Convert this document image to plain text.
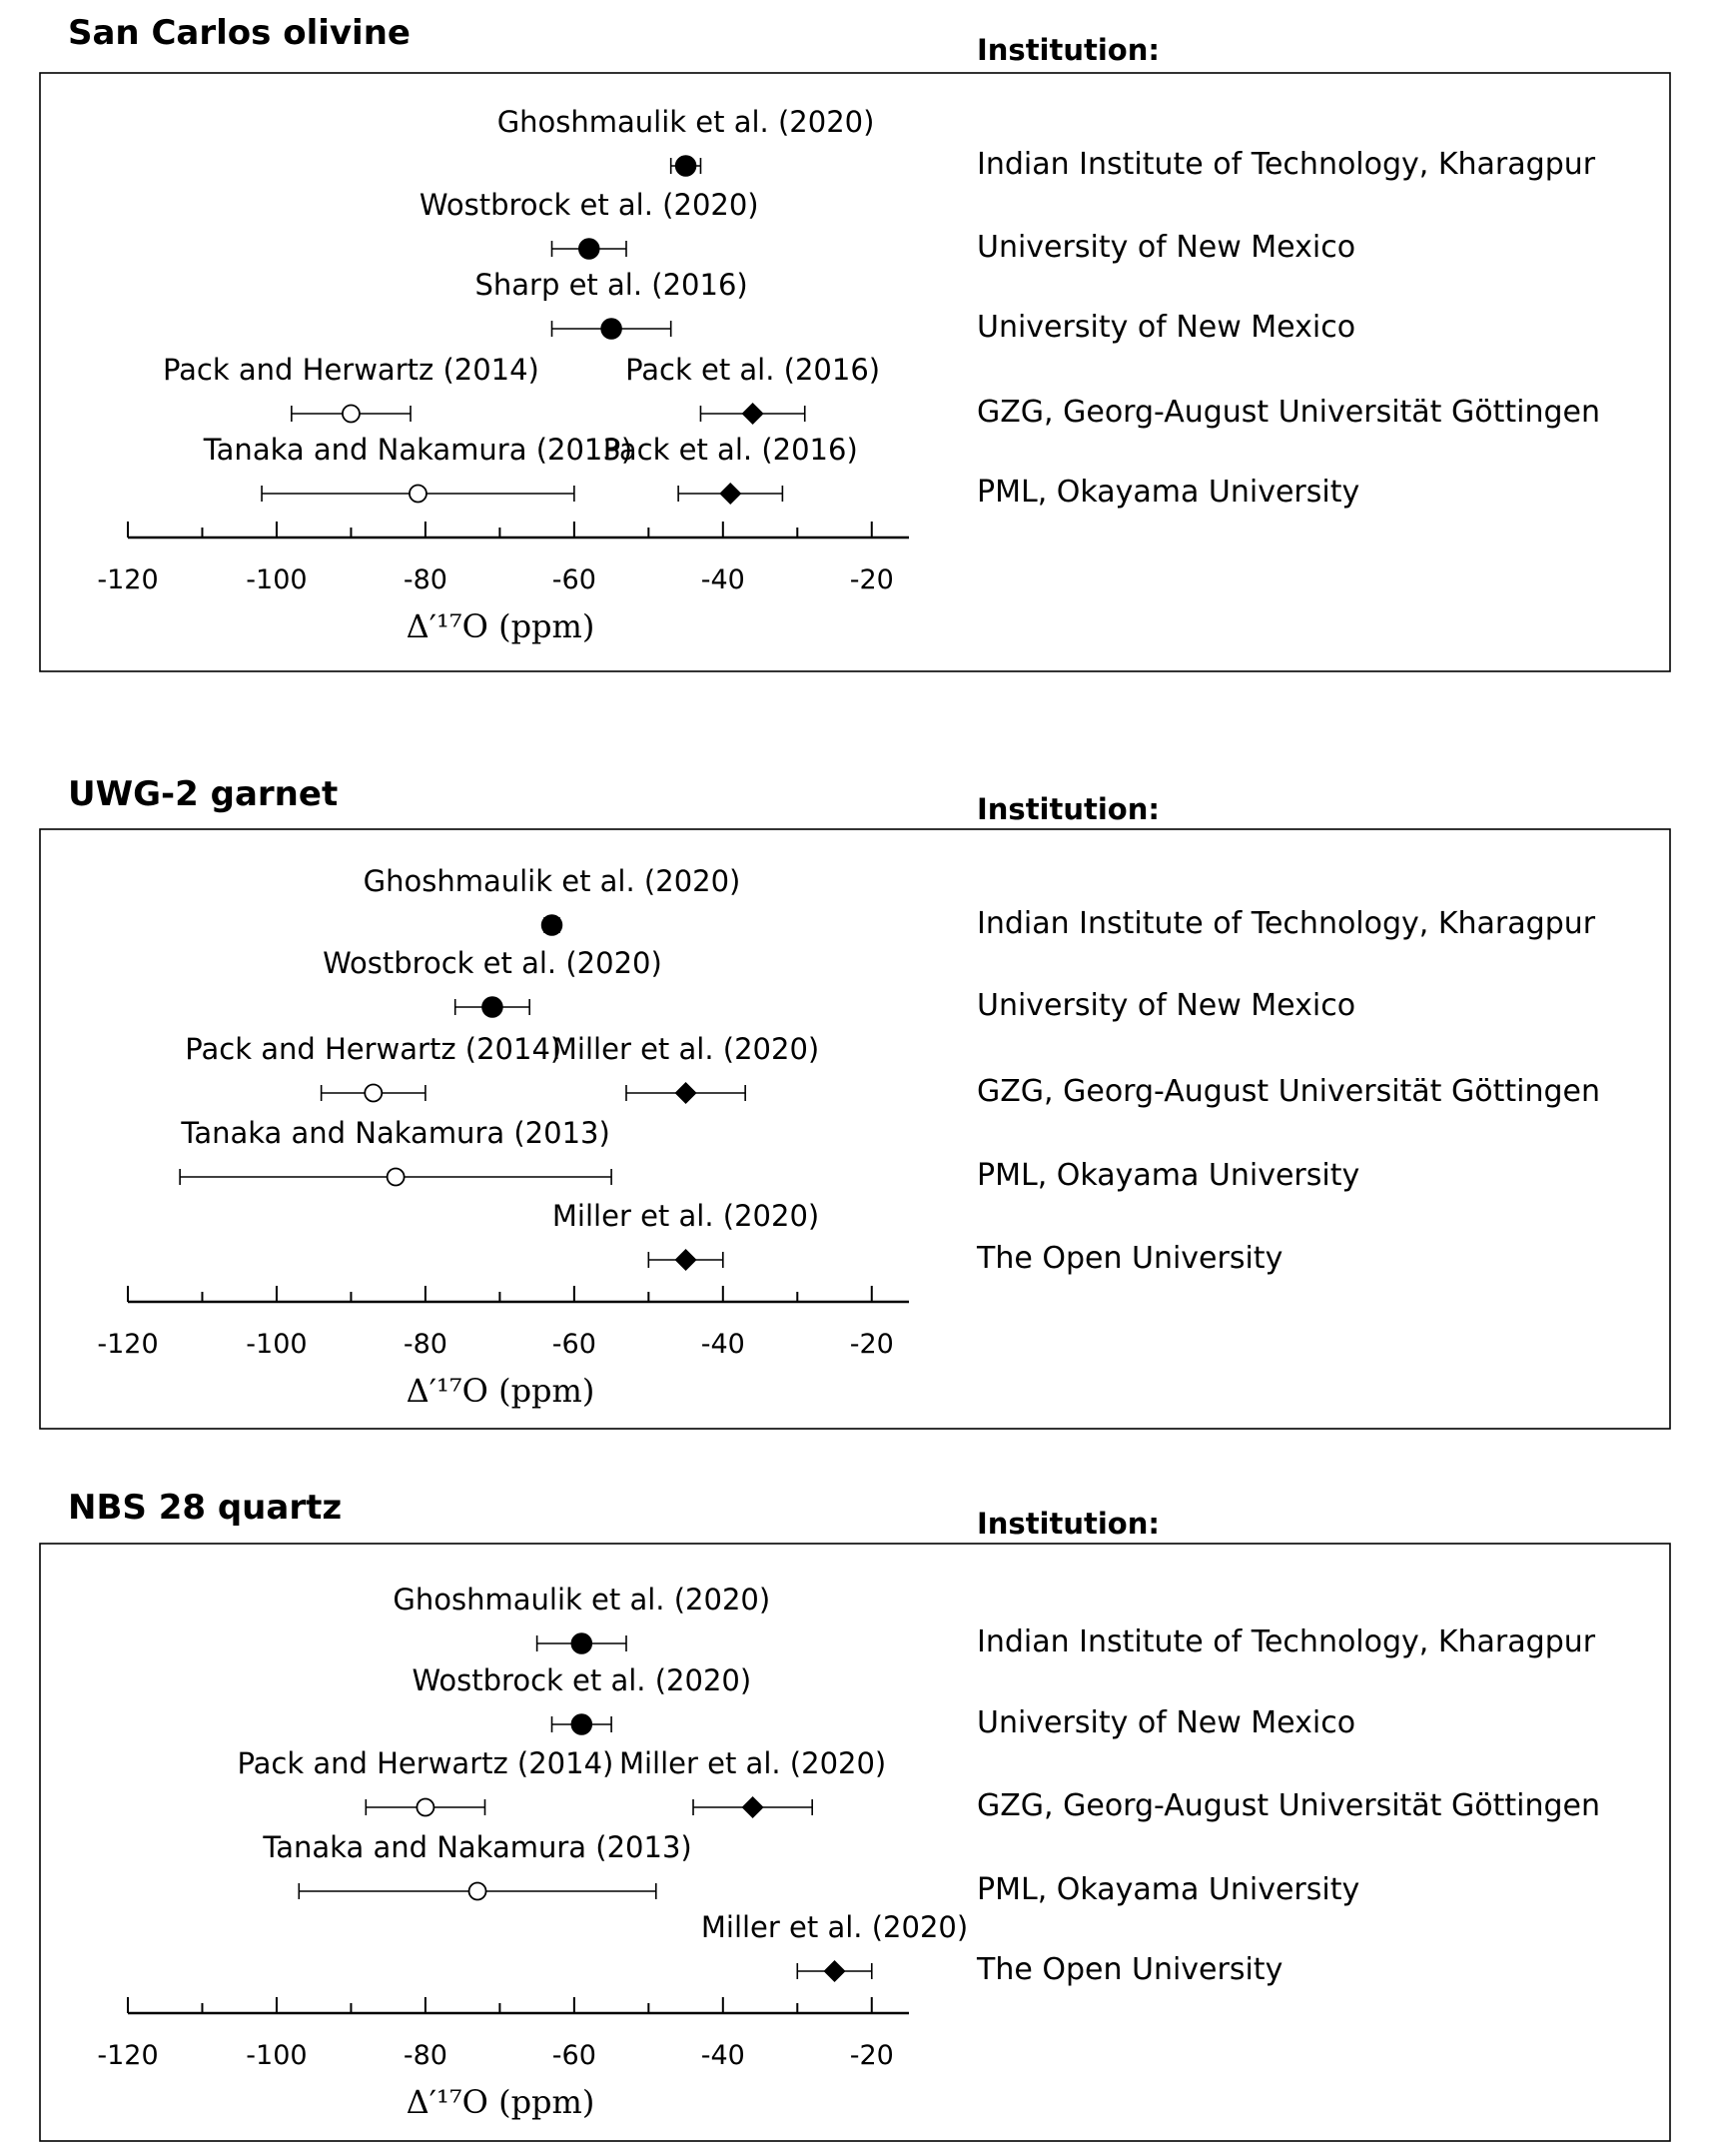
San Carlos olivine	Institution:
-120	-100	-80	-60	-40	-20
Δ′¹⁷O (ppm)
Indian Institute of Technology, Kharagpur
Ghoshmaulik et al. (2020)
University of New Mexico
Wostbrock et al. (2020)
University of New Mexico
Sharp et al. (2016)
GZG, Georg-August Universität Göttingen
Pack and Herwartz (2014)	Pack et al. (2016)
PML, Okayama University
Tanaka and Nakamura (2013)
Pack et al. (2016)
UWG-2 garnet	Institution:
-120	-100	-80	-60	-40	-20
Δ′¹⁷O (ppm)
Indian Institute of Technology, Kharagpur
Ghoshmaulik et al. (2020)
University of New Mexico
Wostbrock et al. (2020)
GZG, Georg-August Universität Göttingen
Pack and Herwartz (2014)
Miller et al. (2020)
PML, Okayama University
Tanaka and Nakamura (2013)
The Open University
Miller et al. (2020)
NBS 28 quartz	Institution:
-120	-100	-80	-60	-40	-20
Δ′¹⁷O (ppm)
Indian Institute of Technology, Kharagpur
Ghoshmaulik et al. (2020)
University of New Mexico
Wostbrock et al. (2020)
GZG, Georg-August Universität Göttingen
Pack and Herwartz (2014) Miller et al. (2020)
PML, Okayama University
Tanaka and Nakamura (2013)
The Open University
Miller et al. (2020)
